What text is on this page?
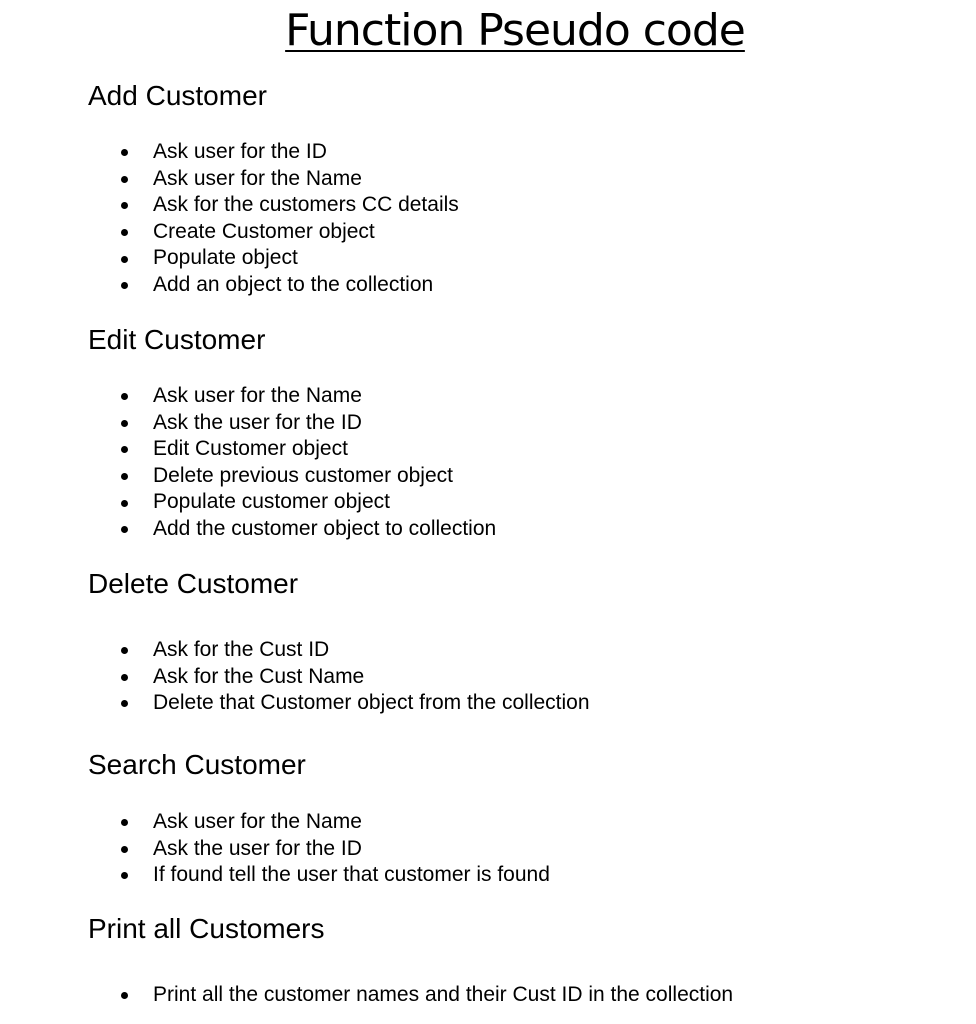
Function Pseudo code
Add Customer
Ask user for the ID
Ask user for the Name
Ask for the customers CC details
Create Customer object
Populate object
Add an object to the collection
Edit Customer
Ask user for the Name
Ask the user for the ID
Edit Customer object
Delete previous customer object
Populate customer object
Add the customer object to collection
Delete Customer
Ask for the Cust ID
Ask for the Cust Name
Delete that Customer object from the collection
Search Customer
Ask user for the Name
Ask the user for the ID
If found tell the user that customer is found
Print all Customers
Print all the customer names and their Cust ID in the collection
